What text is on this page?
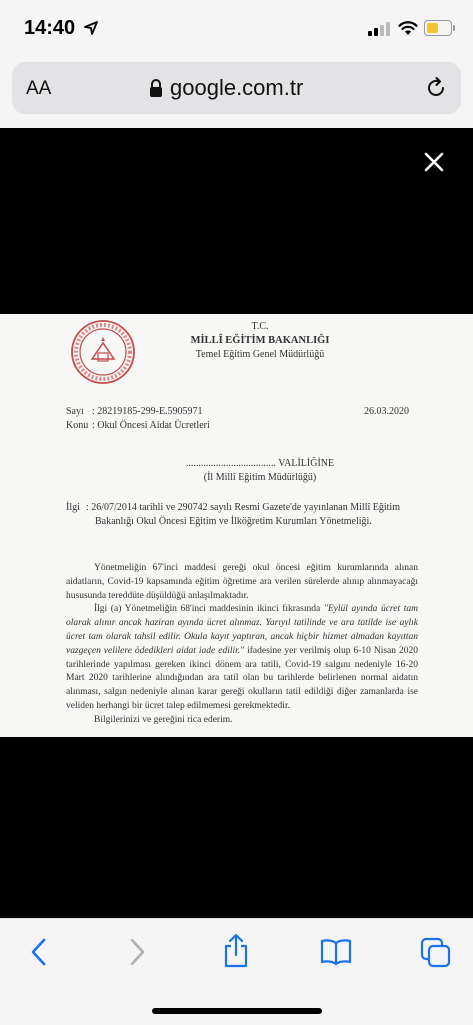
14:40
AA	google.com.tr
T.C.
MİLLÎ EĞİTİM BAKANLIĞI
Temel Eğitim Genel Müdürlüğü
Sayı : 28219185-299-E.5905971	26.03.2020
Konu : Okul Öncesi Aidat Ücretleri
.................................... VALİLİĞİNE
(İl Millî Eğitim Müdürlüğü)
İlgi : 26/07/2014 tarihli ve 290742 sayılı Resmi Gazete'de yayınlanan Millî Eğitim
Bakanlığı Okul Öncesi Eğitim ve İlköğretim Kurumları Yönetmeliği.

Yönetmeliğin 67'inci maddesi gereği okul öncesi eğitim kurumlarında alınan aidatların, Covid-19 kapsamında eğitim öğretime ara verilen sürelerde alınıp alınmayacağı hususunda tereddüte düşüldüğü anlaşılmaktadır.

İlgi (a) Yönetmeliğin 68'inci maddesinin ikinci fıkrasında "Eylül ayında ücret tam olarak alınır ancak haziran ayında ücret alınmaz. Yarıyıl tatilinde ve ara tatilde ise aylık ücret tam olarak tahsil edilir. Okula kayıt yaptıran, ancak hiçbir hizmet almadan kayıttan vazgeçen velilere ödedikleri aidat iade edilir." ifadesine yer verilmiş olup 6-10 Nisan 2020 tarihlerinde yapılması gereken ikinci dönem ara tatili, Covid-19 salgını nedeniyle 16-20 Mart 2020 tarihlerine alındığından ara tatil olan bu tarihlerde belirlenen normal aidatın alınması, salgın nedeniyle alınan karar gereği okulların tatil edildiği diğer zamanlarda ise veliden herhangi bir ücret talep edilmemesi gerekmektedir.

Bilgilerinizi ve gereğini rica ederim.
